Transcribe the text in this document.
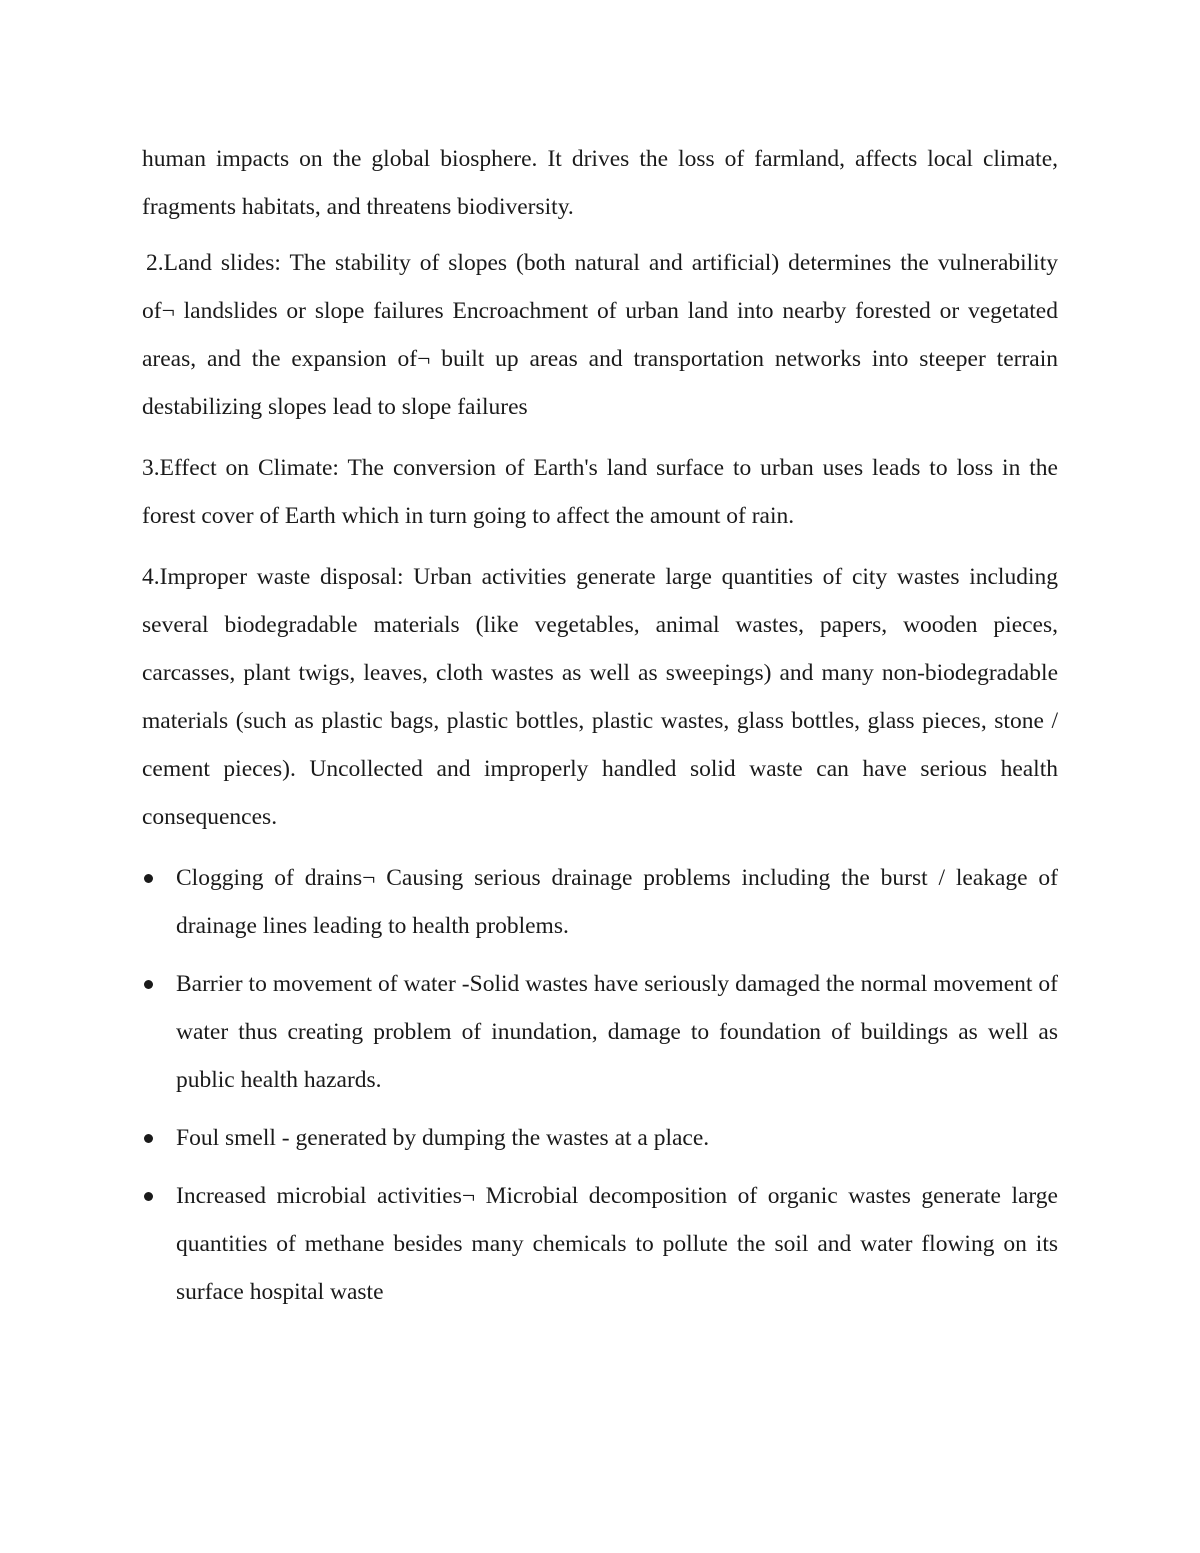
human impacts on the global biosphere. It drives the loss of farmland, affects local climate, fragments habitats, and threatens biodiversity.

2.Land slides: The stability of slopes (both natural and artificial) determines the vulnerability of¬ landslides or slope failures Encroachment of urban land into nearby forested or vegetated areas, and the expansion of¬ built up areas and transportation networks into steeper terrain destabilizing slopes lead to slope failures

3.Effect on Climate: The conversion of Earth's land surface to urban uses leads to loss in the forest cover of Earth which in turn going to affect the amount of rain.

4.Improper waste disposal: Urban activities generate large quantities of city wastes including several biodegradable materials (like vegetables, animal wastes, papers, wooden pieces, carcasses, plant twigs, leaves, cloth wastes as well as sweepings) and many non-biodegradable materials (such as plastic bags, plastic bottles, plastic wastes, glass bottles, glass pieces, stone / cement pieces). Uncollected and improperly handled solid waste can have serious health consequences.

Clogging of drains¬ Causing serious drainage problems including the burst / leakage of drainage lines leading to health problems.
Barrier to movement of water -Solid wastes have seriously damaged the normal movement of water thus creating problem of inundation, damage to foundation of buildings as well as public health hazards.
Foul smell - generated by dumping the wastes at a place.
Increased microbial activities¬ Microbial decomposition of organic wastes generate large quantities of methane besides many chemicals to pollute the soil and water flowing on its surface hospital waste
